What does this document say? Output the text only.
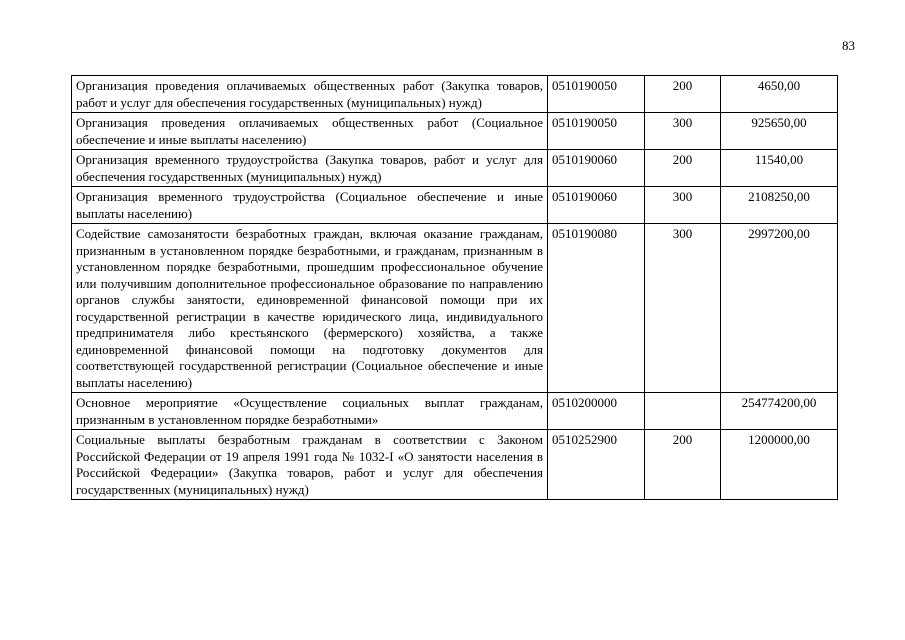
83
Организация проведения оплачиваемых общественных работ (Закупка товаров, работ и услуг для обеспечения государственных (муниципальных) нужд)	0510190050	200	4650,00
Организация проведения оплачиваемых общественных работ (Социальное обеспечение и иные выплаты населению)	0510190050	300	925650,00
Организация временного трудоустройства (Закупка товаров, работ и услуг для обеспечения государственных (муниципальных) нужд)	0510190060	200	11540,00
Организация временного трудоустройства (Социальное обеспечение и иные выплаты населению)	0510190060	300	2108250,00
Содействие самозанятости безработных граждан, включая оказание гражданам, признанным в установленном порядке безработными, и гражданам, признанным в установленном порядке безработными, прошедшим профессиональное обучение или получившим дополнительное профессиональное образование по направлению органов службы занятости, единовременной финансовой помощи при их государственной регистрации в качестве юридического лица, индивидуального предпринимателя либо крестьянского (фермерского) хозяйства, а также единовременной финансовой помощи на подготовку документов для соответствующей государственной регистрации (Социальное обеспечение и иные выплаты населению)	0510190080	300	2997200,00
Основное мероприятие «Осуществление социальных выплат гражданам, признанным в установленном порядке безработными»	0510200000		254774200,00
Социальные выплаты безработным гражданам в соответствии с Законом Российской Федерации от 19 апреля 1991 года № 1032-I «О занятости населения в Российской Федерации» (Закупка товаров, работ и услуг для обеспечения государственных (муниципальных) нужд)	0510252900	200	1200000,00
